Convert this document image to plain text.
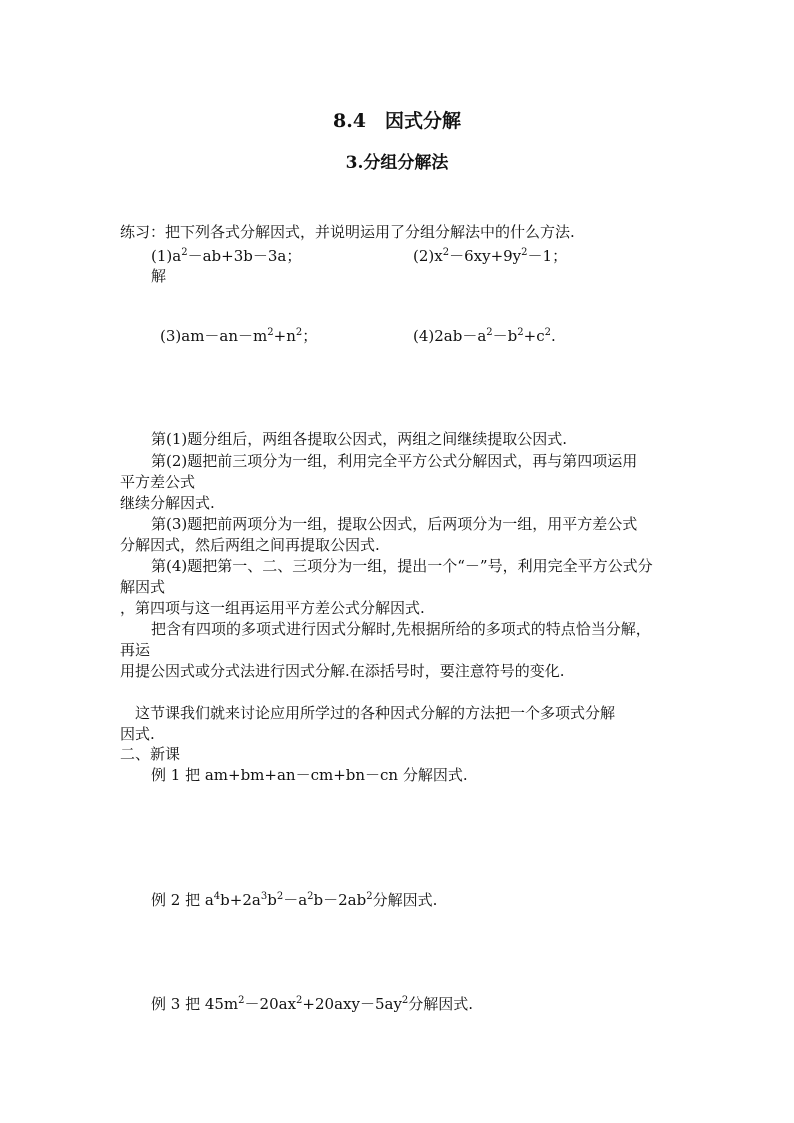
8.4　因式分解
3.分组分解法
练习：把下列各式分解因式，并说明运用了分组分解法中的什么方法.
$(1)a^2-ab+3b-3a$；	$(2)x^2-6xy+9y^2-1$；
解
$(3)am-an-m^2+n^2$；	$(4)2ab-a^2-b^2+c^2$.
第(1)题分组后，两组各提取公因式，两组之间继续提取公因式.
第(2)题把前三项分为一组，利用完全平方公式分解因式，再与第四项运用
平方差公式
继续分解因式.
第(3)题把前两项分为一组，提取公因式，后两项分为一组，用平方差公式
分解因式，然后两组之间再提取公因式.
第(4)题把第一、二、三项分为一组，提出一个“－”号，利用完全平方公式分
解因式
，第四项与这一组再运用平方差公式分解因式.
把含有四项的多项式进行因式分解时,先根据所给的多项式的特点恰当分解，
再运
用提公因式或分式法进行因式分解.在添括号时，要注意符号的变化.
这节课我们就来讨论应用所学过的各种因式分解的方法把一个多项式分解
因式.
二、新课
例 1 把 am+bm+an－cm+bn－cn 分解因式.
例 2 把 $a^4b+2a^3b^2-a^2b-2ab^2$分解因式.
例 3 把 $45m^2-20ax^2+20axy-5ay^2$分解因式.
